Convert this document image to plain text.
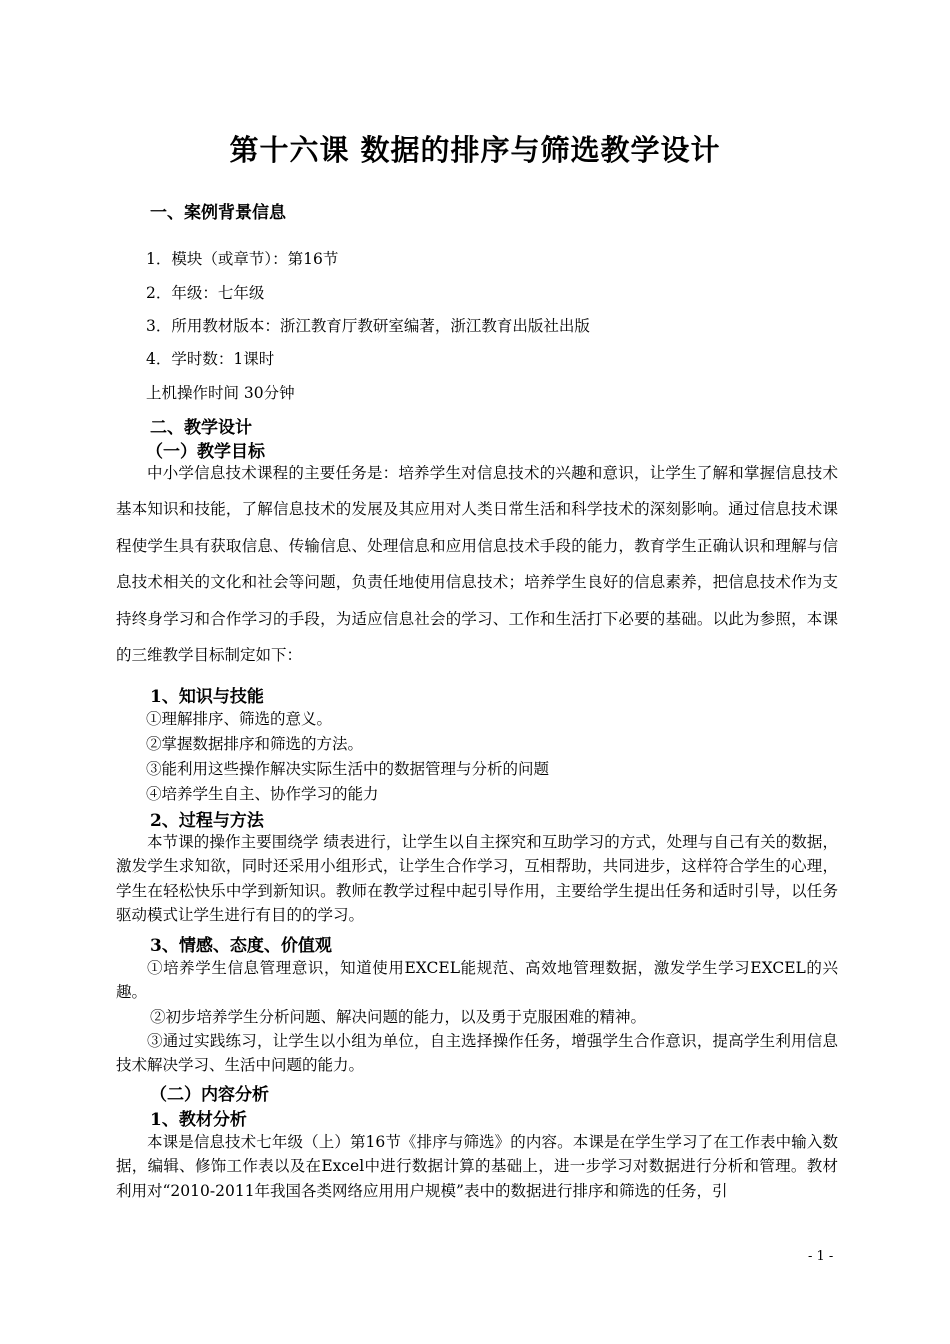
第十六课 数据的排序与筛选教学设计
一、案例背景信息
1．模块（或章节）：第16节
2．年级：七年级
3．所用教材版本：浙江教育厅教研室编著，浙江教育出版社出版
4．学时数：1课时
上机操作时间 30分钟
二、教学设计
（一）教学目标

中小学信息技术课程的主要任务是：培养学生对信息技术的兴趣和意识，让学生了解和掌握信息技术基本知识和技能，了解信息技术的发展及其应用对人类日常生活和科学技术的深刻影响。通过信息技术课程使学生具有获取信息、传输信息、处理信息和应用信息技术手段的能力，教育学生正确认识和理解与信息技术相关的文化和社会等问题，负责任地使用信息技术；培养学生良好的信息素养，把信息技术作为支持终身学习和合作学习的手段，为适应信息社会的学习、工作和生活打下必要的基础。以此为参照，本课的三维教学目标制定如下：

1、知识与技能
①理解排序、筛选的意义。
②掌握数据排序和筛选的方法。
③能利用这些操作解决实际生活中的数据管理与分析的问题
④培养学生自主、协作学习的能力
2、过程与方法

本节课的操作主要围绕学 绩表进行，让学生以自主探究和互助学习的方式，处理与自己有关的数据，激发学生求知欲，同时还采用小组形式，让学生合作学习，互相帮助，共同进步，这样符合学生的心理，学生在轻松快乐中学到新知识。教师在教学过程中起引导作用，主要给学生提出任务和适时引导，以任务驱动模式让学生进行有目的的学习。

3、情感、态度、价值观

①培养学生信息管理意识，知道使用EXCEL能规范、高效地管理数据，激发学生学习EXCEL的兴趣。

②初步培养学生分析问题、解决问题的能力，以及勇于克服困难的精神。

③通过实践练习，让学生以小组为单位，自主选择操作任务，增强学生合作意识，提高学生利用信息技术解决学习、生活中问题的能力。

（二）内容分析
1、教材分析

本课是信息技术七年级（上）第16节《排序与筛选》的内容。本课是在学生学习了在工作表中输入数据，编辑、修饰工作表以及在Excel中进行数据计算的基础上，进一步学习对数据进行分析和管理。教材利用对“2010-2011年我国各类网络应用用户规模”表中的数据进行排序和筛选的任务，引

- 1 -
